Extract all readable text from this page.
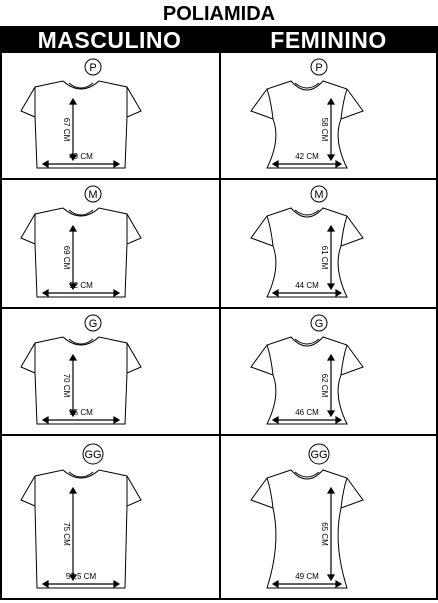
POLIAMIDA
MASCULINO	FEMININO
P
67 CM
49 CM
P
58 CM
42 CM
M
69 CM
52 CM
M
61 CM
44 CM
G
70 CM
55 CM
G
62 CM
46 CM
GG
75 CM
57,5 CM
GG
65 CM
49 CM
